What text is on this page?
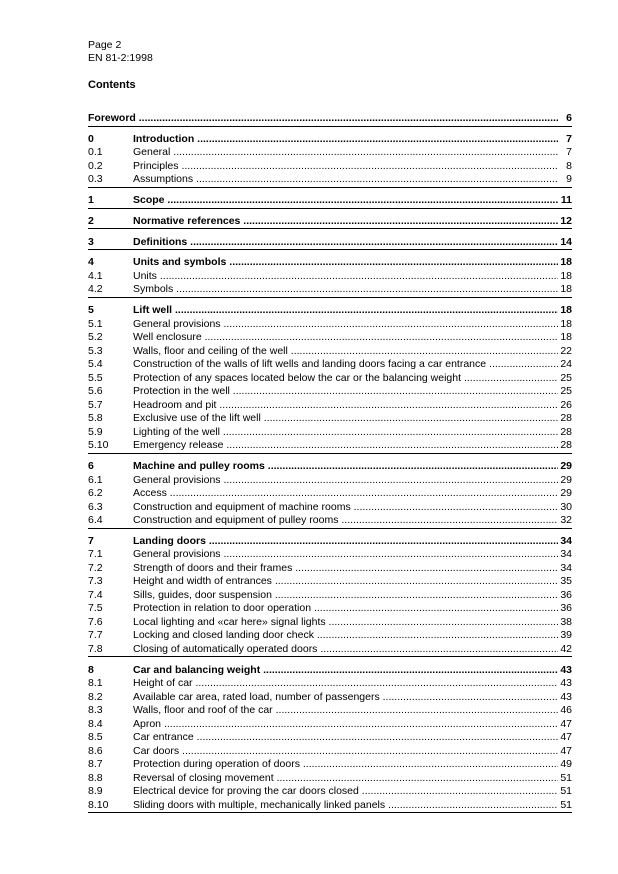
Page 2
EN 81-2:1998
Contents
Foreword .....	6
0	Introduction .....	7
0.1	General .....	7
0.2	Principles .....	8
0.3	Assumptions .....	9
1	Scope .....	11
2	Normative references .....	12
3	Definitions .....	14
4	Units and symbols .....	18
4.1	Units .....	18
4.2	Symbols .....	18
5	Lift well .....	18
5.1	General provisions .....	18
5.2	Well enclosure .....	18
5.3	Walls, floor and ceiling of the well .....	22
5.4	Construction of the walls of lift wells and landing doors facing a car entrance .....	24
5.5	Protection of any spaces located below the car or the balancing weight .....	25
5.6	Protection in the well .....	25
5.7	Headroom and pit .....	26
5.8	Exclusive use of the lift well .....	28
5.9	Lighting of the well .....	28
5.10 Emergency release .....	28
6	Machine and pulley rooms .....	29
6.1	General provisions .....	29
6.2	Access .....	29
6.3	Construction and equipment of machine rooms .....	30
6.4	Construction and equipment of pulley rooms .....	32
7	Landing doors .....	34
7.1	General provisions .....	34
7.2	Strength of doors and their frames .....	34
7.3	Height and width of entrances .....	35
7.4	Sills, guides, door suspension .....	36
7.5	Protection in relation to door operation .....	36
7.6	Local lighting and «car here» signal lights .....	38
7.7	Locking and closed landing door check .....	39
7.8	Closing of automatically operated doors .....	42
8	Car and balancing weight .....	43
8.1	Height of car .....	43
8.2	Available car area, rated load, number of passengers .....	43
8.3	Walls, floor and roof of the car .....	46
8.4	Apron .....	47
8.5	Car entrance .....	47
8.6	Car doors .....	47
8.7	Protection during operation of doors .....	49
8.8	Reversal of closing movement .....	51
8.9	Electrical device for proving the car doors closed .....	51
8.10 Sliding doors with multiple, mechanically linked panels .....	51
